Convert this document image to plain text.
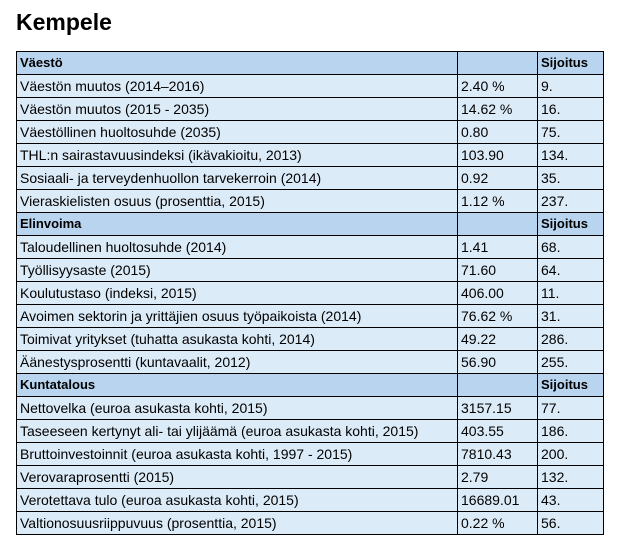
Kempele
Väestö		Sijoitus
Väestön muutos (2014–2016)	2.40 %	9.
Väestön muutos (2015 - 2035)	14.62 %	16.
Väestöllinen huoltosuhde (2035)	0.80	75.
THL:n sairastavuusindeksi (ikävakioitu, 2013)	103.90	134.
Sosiaali- ja terveydenhuollon tarvekerroin (2014)	0.92	35.
Vieraskielisten osuus (prosenttia, 2015)	1.12 %	237.
Elinvoima		Sijoitus
Taloudellinen huoltosuhde (2014)	1.41	68.
Työllisyysaste (2015)	71.60	64.
Koulutustaso (indeksi, 2015)	406.00	11.
Avoimen sektorin ja yrittäjien osuus työpaikoista (2014)	76.62 %	31.
Toimivat yritykset (tuhatta asukasta kohti, 2014)	49.22	286.
Äänestysprosentti (kuntavaalit, 2012)	56.90	255.
Kuntatalous		Sijoitus
Nettovelka (euroa asukasta kohti, 2015)	3157.15	77.
Taseeseen kertynyt ali- tai ylijäämä (euroa asukasta kohti, 2015)	403.55	186.
Bruttoinvestoinnit (euroa asukasta kohti, 1997 - 2015)	7810.43	200.
Verovaraprosentti (2015)	2.79	132.
Verotettava tulo (euroa asukasta kohti, 2015)	16689.01	43.
Valtionosuusriippuvuus (prosenttia, 2015)	0.22 %	56.
